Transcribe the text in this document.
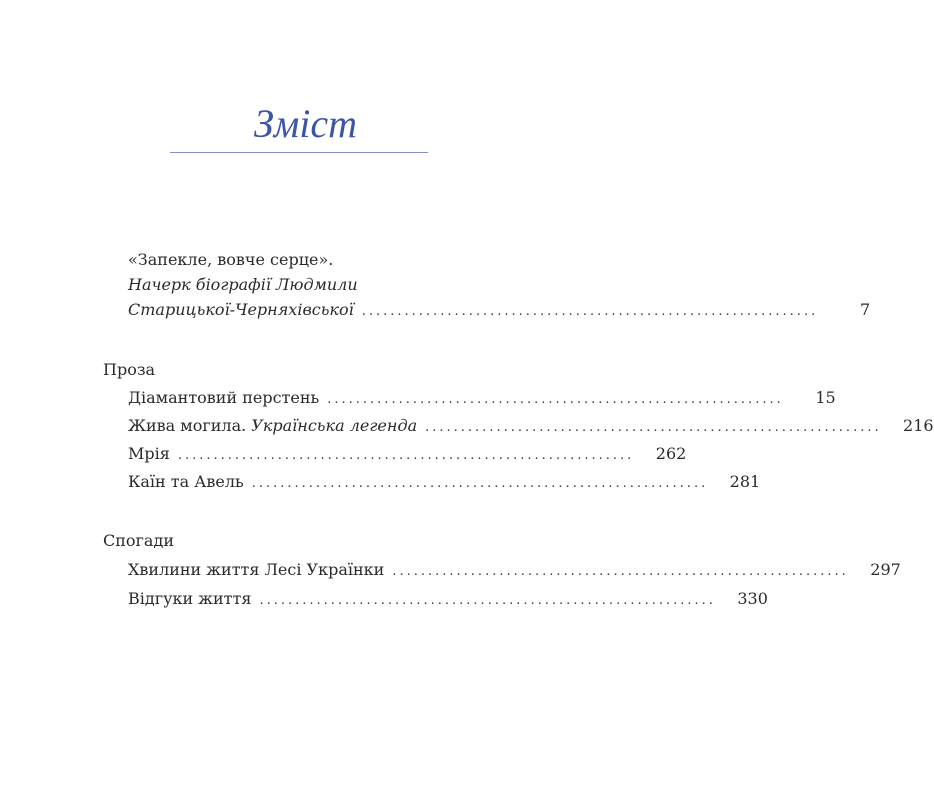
Зміст
«Запекле, вовче серце».
Начерк біографії Людмили
Старицької-Черняхівської ................................................................	7
Проза
Діамантовий перстень ................................................................	15
Жива могила. Українська легенда ................................................................	216
Мрія ................................................................	262
Каїн та Авель ................................................................	281
Спогади
Хвилини життя Лесі Українки ................................................................	297
Відгуки життя ................................................................	330
